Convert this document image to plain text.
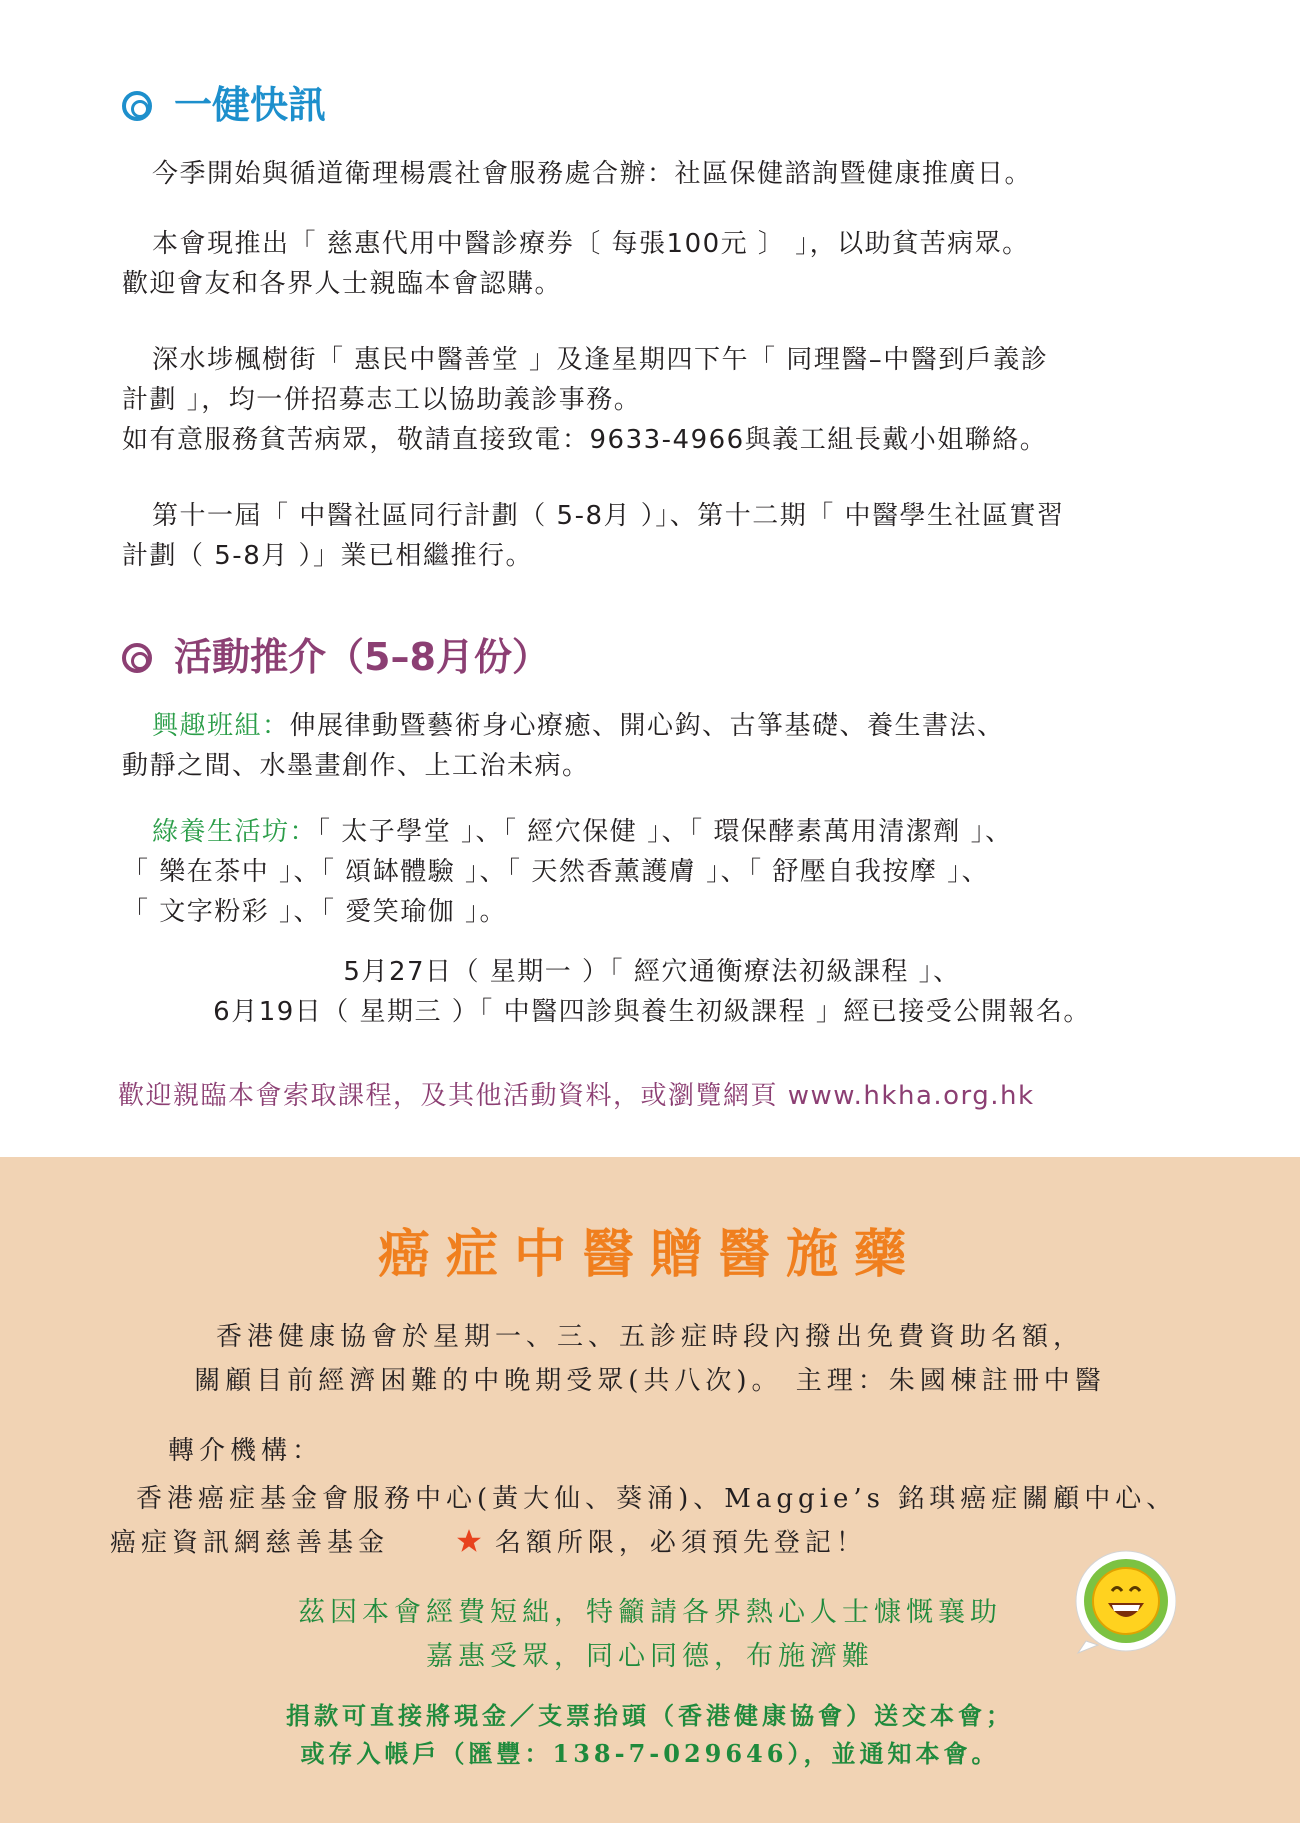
一健快訊
今季開始與循道衛理楊震社會服務處合辦：社區保健諮詢暨健康推廣日。
本會現推出「 慈惠代用中醫診療券〔 每張100元 〕 」，以助貧苦病眾。
歡迎會友和各界人士親臨本會認購。
深水埗楓樹街「 惠民中醫善堂 」及逢星期四下午「 同理醫–中醫到戶義診
計劃 」，均一併招募志工以協助義診事務。
如有意服務貧苦病眾，敬請直接致電：9633-4966與義工組長戴小姐聯絡。
第十一屆「 中醫社區同行計劃（ 5-8月 ）」、第十二期「 中醫學生社區實習
計劃（ 5-8月 ）」業已相繼推行。
活動推介（5–8月份）
興趣班組：伸展律動暨藝術身心療癒、開心鈎、古箏基礎、養生書法、
動靜之間、水墨畫創作、上工治未病。
綠養生活坊：「 太子學堂 」、「 經穴保健 」、「 環保酵素萬用清潔劑 」、
「 樂在茶中 」、「 頌缽體驗 」、「 天然香薰護膚 」、「 舒壓自我按摩 」、
「 文字粉彩 」、「 愛笑瑜伽 」。
5月27日（ 星期一 ）「 經穴通衡療法初級課程 」、
6月19日（ 星期三 ）「 中醫四診與養生初級課程 」經已接受公開報名。
歡迎親臨本會索取課程，及其他活動資料，或瀏覽網頁 www.hkha.org.hk
癌症中醫贈醫施藥
香港健康協會於星期一、三、五診症時段內撥出免費資助名額，
關顧目前經濟困難的中晚期受眾(共八次)。 主理：朱國棟註冊中醫
轉介機構：
香港癌症基金會服務中心(黃大仙、葵涌)、Maggie’s 銘琪癌症關顧中心、
癌症資訊網慈善基金	名額所限，必須預先登記！
茲因本會經費短絀，特籲請各界熱心人士慷慨襄助
嘉惠受眾，同心同德，布施濟難
捐款可直接將現金／支票抬頭（香港健康協會）送交本會；
或存入帳戶（匯豐：138-7-029646），並通知本會。
